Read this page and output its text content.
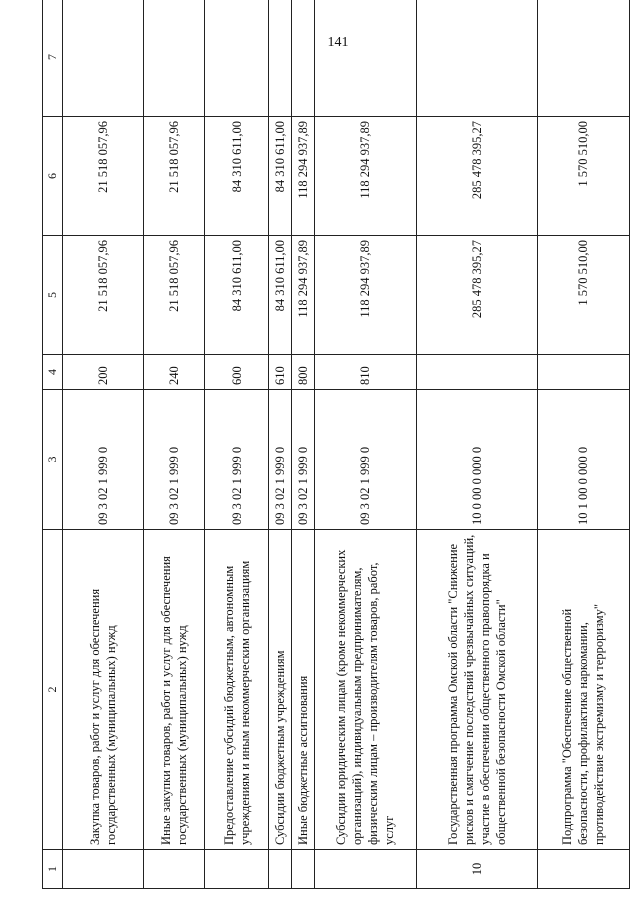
141
1	2	3	4	5	6	7
	Закупка товаров, работ и услуг для обеспечения государственных (муниципальных) нужд	09 3 02 1 999 0	200	21 518 057,96	21 518 057,96	
	Иные закупки товаров, работ и услуг для обеспечения государственных (муниципальных) нужд	09 3 02 1 999 0	240	21 518 057,96	21 518 057,96	
	Предоставление субсидий бюджетным, автономным учреждениям и иным некоммерческим организациям	09 3 02 1 999 0	600	84 310 611,00	84 310 611,00	
	Субсидии бюджетным учреждениям	09 3 02 1 999 0	610	84 310 611,00	84 310 611,00	
	Иные бюджетные ассигнования	09 3 02 1 999 0	800	118 294 937,89	118 294 937,89	
	Субсидии юридическим лицам (кроме некоммерческих организаций), индивидуальным предпринимателям, физическим лицам – производителям товаров, работ, услуг	09 3 02 1 999 0	810	118 294 937,89	118 294 937,89	
10	Государственная программа Омской области "Снижение рисков и смягчение последствий чрезвычайных ситуаций, участие в обеспечении общественного правопорядка и общественной безопасности Омской области"	10 0 00 0 000 0		285 478 395,27	285 478 395,27	
	Подпрограмма "Обеспечение общественной безопасности, профилактика наркомании, противодействие экстремизму и терроризму"	10 1 00 0 000 0		1 570 510,00	1 570 510,00	
